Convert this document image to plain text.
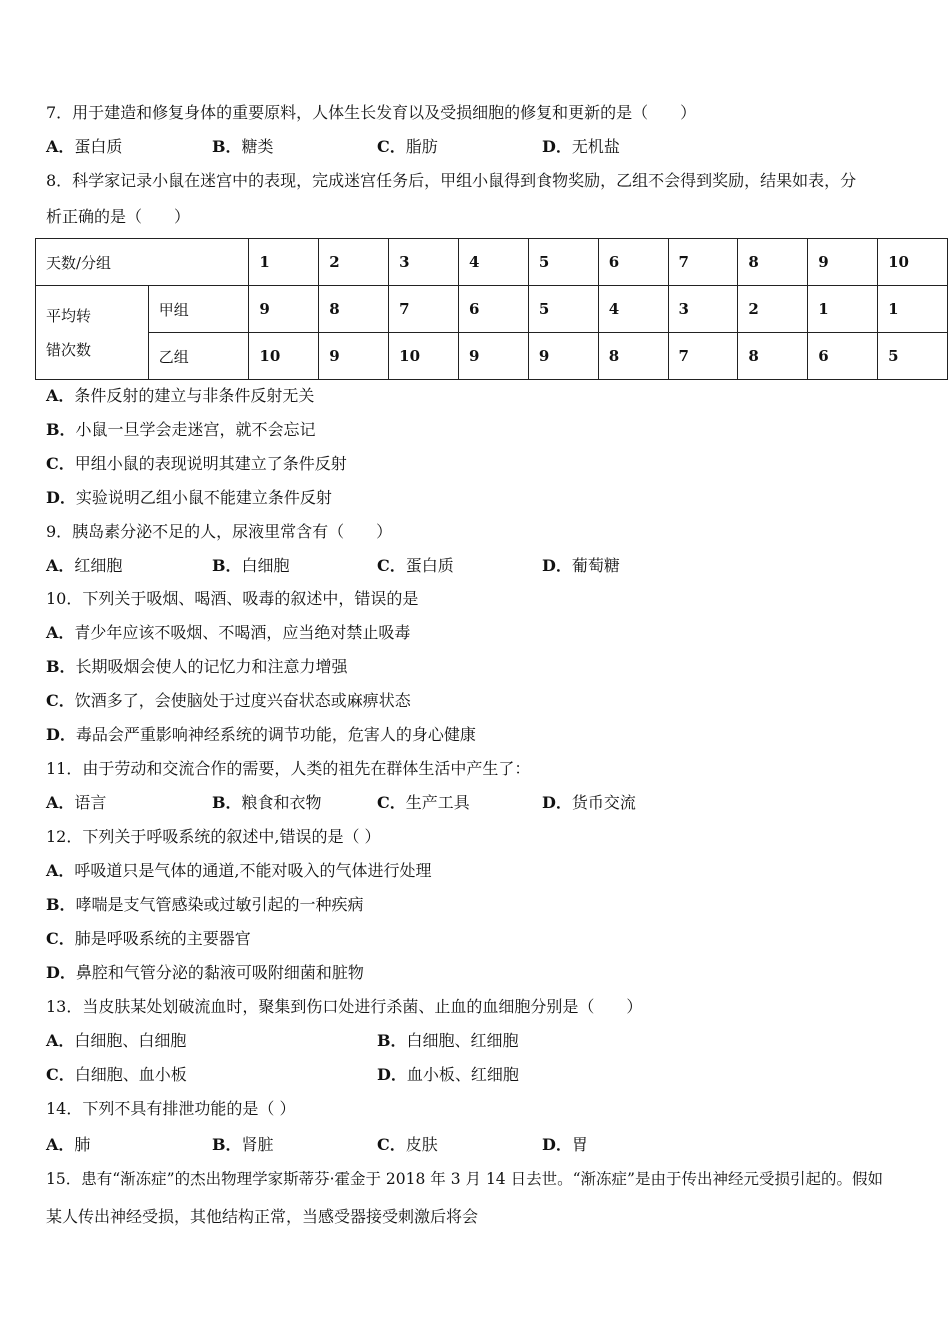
7．用于建造和修复身体的重要原料，人体生长发育以及受损细胞的修复和更新的是（　　）
A．蛋白质	B．糖类	C．脂肪	D．无机盐
8．科学家记录小鼠在迷宫中的表现，完成迷宫任务后，甲组小鼠得到食物奖励，乙组不会得到奖励，结果如表，分
析正确的是（　　）
天数/分组		1	2	3	4	5	6	7	8	9	10

平均转
错次数	甲组	9	8	7	6	5	4	3	2	1	1
	乙组	10	9	10	9	9	8	7	8	6	5
A．条件反射的建立与非条件反射无关
B．小鼠一旦学会走迷宫，就不会忘记
C．甲组小鼠的表现说明其建立了条件反射
D．实验说明乙组小鼠不能建立条件反射
9．胰岛素分泌不足的人，尿液里常含有（　　）
A．红细胞	B．白细胞	C．蛋白质	D．葡萄糖
10．下列关于吸烟、喝酒、吸毒的叙述中，错误的是
A．青少年应该不吸烟、不喝酒，应当绝对禁止吸毒
B．长期吸烟会使人的记忆力和注意力增强
C．饮酒多了，会使脑处于过度兴奋状态或麻痹状态
D．毒品会严重影响神经系统的调节功能，危害人的身心健康
11．由于劳动和交流合作的需要，人类的祖先在群体生活中产生了：
A．语言	B．粮食和衣物	C．生产工具	D．货币交流
12．下列关于呼吸系统的叙述中,错误的是（ ）
A．呼吸道只是气体的通道,不能对吸入的气体进行处理
B．哮喘是支气管感染或过敏引起的一种疾病
C．肺是呼吸系统的主要器官
D．鼻腔和气管分泌的黏液可吸附细菌和脏物
13．当皮肤某处划破流血时，聚集到伤口处进行杀菌、止血的血细胞分别是（　　）
A．白细胞、白细胞	B．白细胞、红细胞
C．白细胞、血小板	D．血小板、红细胞
14．下列不具有排泄功能的是（ ）
A．肺	B．肾脏	C．皮肤	D．胃
15．患有“渐冻症”的杰出物理学家斯蒂芬·霍金于 2018 年 3 月 14 日去世。“渐冻症”是由于传出神经元受损引起的。假如
某人传出神经受损，其他结构正常，当感受器接受刺激后将会
